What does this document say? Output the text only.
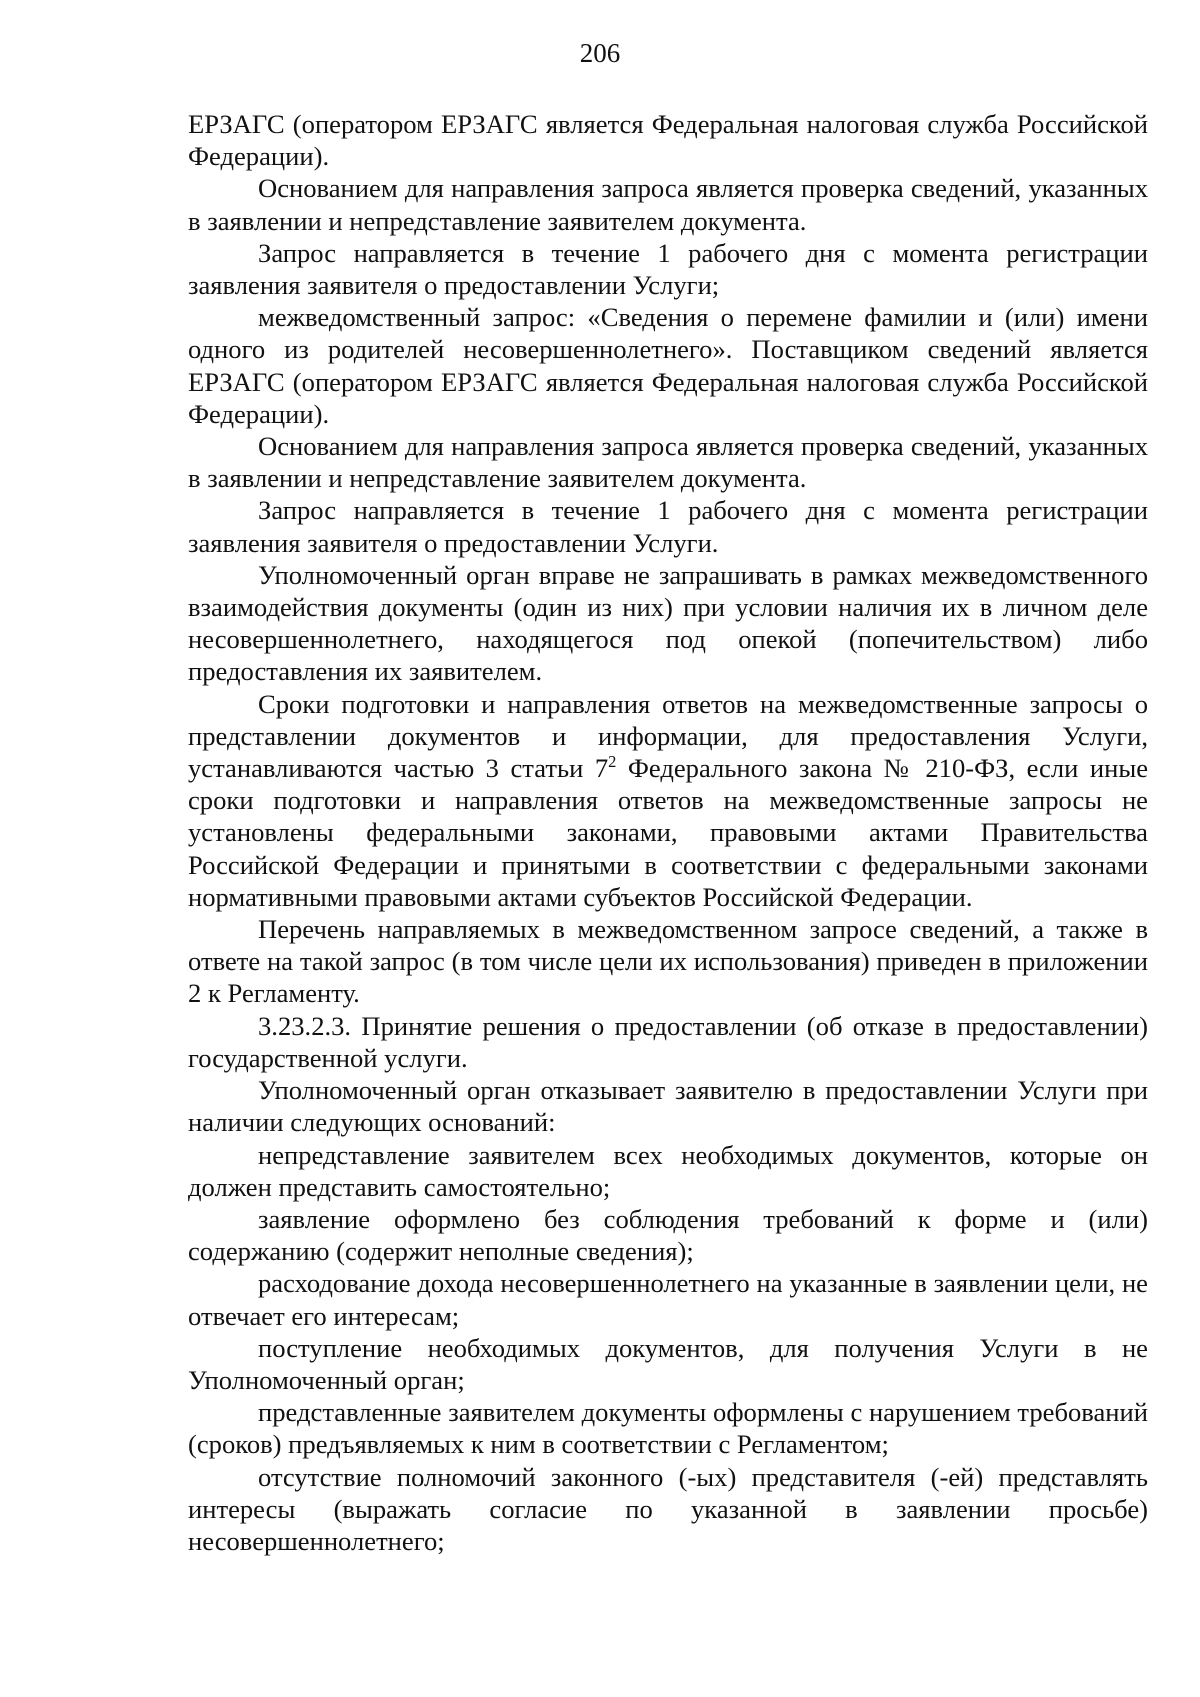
206

ЕРЗАГС (оператором ЕРЗАГС является Федеральная налоговая служба Российской Федерации).

Основанием для направления запроса является проверка сведений, указанных в заявлении и непредставление заявителем документа.

Запрос направляется в течение 1 рабочего дня с момента регистрации заявления заявителя о предоставлении Услуги;

межведомственный запрос: «Сведения о перемене фамилии и (или) имени одного из родителей несовершеннолетнего». Поставщиком сведений является ЕРЗАГС (оператором ЕРЗАГС является Федеральная налоговая служба Российской Федерации).

Основанием для направления запроса является проверка сведений, указанных в заявлении и непредставление заявителем документа.

Запрос направляется в течение 1 рабочего дня с момента регистрации заявления заявителя о предоставлении Услуги.

Уполномоченный орган вправе не запрашивать в рамках межведомственного взаимодействия документы (один из них) при условии наличия их в личном деле несовершеннолетнего, находящегося под опекой (попечительством) либо предоставления их заявителем.

Сроки подготовки и направления ответов на межведомственные запросы о представлении документов и информации, для предоставления Услуги, устанавливаются частью 3 статьи $7^2$ Федерального закона № 210-ФЗ, если иные сроки подготовки и направления ответов на межведомственные запросы не установлены федеральными законами, правовыми актами Правительства Российской Федерации и принятыми в соответствии с федеральными законами нормативными правовыми актами субъектов Российской Федерации.

Перечень направляемых в межведомственном запросе сведений, а также в ответе на такой запрос (в том числе цели их использования) приведен в приложении 2 к Регламенту.

3.23.2.3. Принятие решения о предоставлении (об отказе в предоставлении) государственной услуги.

Уполномоченный орган отказывает заявителю в предоставлении Услуги при наличии следующих оснований:

непредставление заявителем всех необходимых документов, которые он должен представить самостоятельно;

заявление оформлено без соблюдения требований к форме и (или) содержанию (содержит неполные сведения);

расходование дохода несовершеннолетнего на указанные в заявлении цели, не отвечает его интересам;

поступление необходимых документов, для получения Услуги в не Уполномоченный орган;

представленные заявителем документы оформлены с нарушением требований (сроков) предъявляемых к ним в соответствии с Регламентом;

отсутствие полномочий законного (-ых) представителя (-ей) представлять интересы (выражать согласие по указанной в заявлении просьбе) несовершеннолетнего;
